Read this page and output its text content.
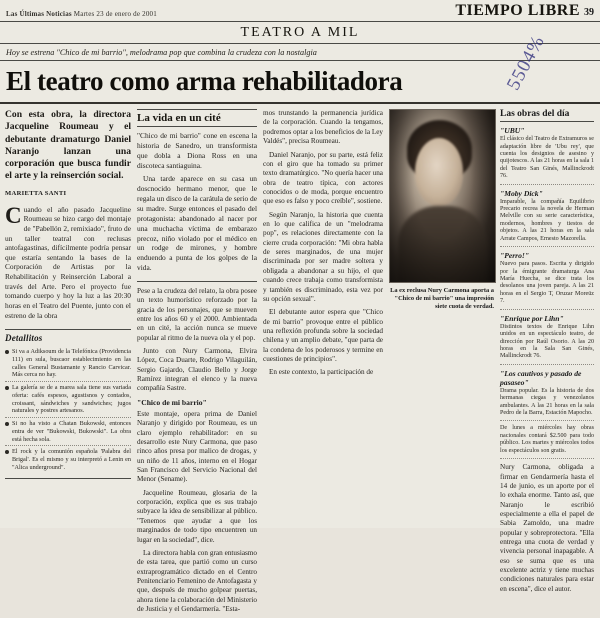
Las Últimas Noticias Martes 23 de enero de 2001	TIEMPO LIBRE 39
TEATRO A MIL
Hoy se estrena "Chico de mi barrio", melodrama pop que combina la crudeza con la nostalgia
El teatro como arma rehabilitadora	5504%
Con esta obra, la directora Jacqueline Roumeau y el debutante dramaturgo Daniel Naranjo lanzan una corporación que busca fundir el arte y la reinserción social.
MARIETTA SANTI
Cuando el año pasado Jacqueline Roumeau se hizo cargo del montaje de "Pabellón 2, remixiado", fruto de un taller teatral con reclusas antofagastinas, difícilmente podría pensar que estaría sentando la bases de la Corporación de Artistas por la Rehabilitación y Reinserción Laboral a través del Arte. Pero el proyecto fue tomando cuerpo y hoy la luz a las 20:30 horas en el Teatro del Puente, junto con el estreno de la obra
Detallitos
Si va a Adiksoum de la Telefónica (Providencia 111) en sula, buscaor establecimiento en las calles General Bustamante y Rancio Carvicar. Más cerca no hay.
La galería se de a marea sala tiene sus variada oferta: cafés espesos, agustisnos y contados, croissant, sándwiches y sandwiches; jugos naturales y postres artesanos.
Si no ha visto a Chatan Bukowski, entonces entra de ver "Bukowski, Bukowski". La obra está hecha sola.
El rock y la comunión española 'Palabra del Brigal'. Es el mismo y su interpretó a Lenin en "Alica underground".
La vida en un cité

"Chico de mi barrio" cone en escena la historia de Sanedro, un transformista que dobla a Diona Ross en una discoteca santiaguina.

Una tarde aparece en su casa un doscnocido hermano menor, que le regala un disco de la carátula de serio de su madre. Surge entonces el pasado del protagonista: abandonado al nacer por una muchacha víctima de embarazo precoz, niño violado por el médico en un rodge de mirones, y hombre enduendo a punta de los golpes de la vida.

Pese a la crudeza del relato, la obra posee un texto humorístico reforzado por la gracia de los personajes, que se mueven entre los años 60 y el 2000. Ambientada en un cité, la acción nunca se mueve popular al ritmo de la nueva ola y el pop.

Junto con Nury Carmona, Elvira López, Coca Duarte, Rodrigo Vilaguilán, Sergio Gajardo, Claudio Bello y Jorge Ramírez integran el elenco y la nueva compañía Sastre.

"Chico de mi barrio"

Este montaje, opera prima de Daniel Naranjo y dirigido por Roumeau, es un claro ejemplo rehabilitador: en su desarrollo este Nury Carmona, que paso rinco años presa por malico de drogas, y un niño de 11 años, interno en el Hogar San Francisco del Servicio Nacional del Menor (Sename).

Jacqueline Roumeau, glosaria de la corporación, explica que es sus trabajo subyace la idea de sensibilizar al público. "Tenemos que ayudar a que los marginados de todo tipo encuentren un lugar en la sociedad", dice.

La directora habla con gran entusiasmo de esta tarea, que partió como un curso extraprogramático dictado en el Centro Penitenciario Femenino de Antofagasta y que, después de mucho golpear puertas, ahora tiene la colaboración del Ministerio de Justicia y el Gendarmería. "Esta-

mos trunstando la permanencia jurídica de la corporación. Cuando la tengamos, podremos optar a los beneficios de la Ley Valdés", precisa Roumeau.

Daniel Naranjo, por su parte, está feliz con el giro que ha tomado su primer texto dramatúrgico. "No quería hacer una obra de teatro típica, con actores conocidos o de moda, porque encuentro que eso es falso y poco creíble", sostiene.

Según Naranjo, la historia que cuenta en lo que califica de un "melodrama pop", es relaciones directamente con la cierre cruda corporación: "Mi obra habla de seres marginados, de una mujer discriminada por ser madre soltera y obligada a abandonar a su hijo, el que cuando crece trabaja como transformista y también es discriminado, esta vez por su opción sexual".

El debutante autor espera que "Chico de mi barrio" provoque entre el público una reflexión profunda sobre la sociedad chilena y un amplio debate, "que parta de la condena de los poderosos y termine en cuestiones de principios".

En este contexto, la participación de

La ex reclusa Nury Carmona aporta a "Chico de mi barrio" una impresión siete cuota de verdad.
Las obras del día
"UBU"
El clásico del Teatro de Extramuros se adaptación libre de 'Ubu rey', que cuenta los designios de asesino y quijotescos. A las 21 horas en la sala 1 del Teatro San Ginés, Mallinckrodt 76.
"Moby Dick"
Imparable, la compañía Equilibrio Precario recrea la novela de Herman Melville con su serie característica, modernos, hombres y tiestos de objetos. A las 21 horas en la sala Arrate Campos, Ernesto Mazorella.
"Perro!"
Nuevo para pasos. Escrita y dirigido por la émigrante dramaturga Ana María Huecha, se dice trata los desolanos una joven pareja. A las 21 horas en el Sergio T, Oruzar Moreüz 7.
"Enrique por Lihn"
Distintos textos de Enrique Lihn unidos en un espectáculo teatro, de dirección por Raúl Osorio. A las 20 horas en la Sala San Ginés, Mallinckrodt 76.
"Los cautivos y pasado de pasaseo"
Drama popular. Es la historia de dos hermanas ciegas y venezolanos ambulantes. A las 21 horas en la sala Pedro de la Barra, Estación Mapocho.
De lunes a miércoles hay obras nacionales contará $2.500 para todo público. Los martes y miércoles todos los espectáculos son gratis.

Nury Carmona, obligada a firmar en Gendarmería hasta el 14 de junio, es un aporte por el lo exhala enorme. Tanto así, que Naranjo le escribió especialmente a ella el papel de Sabia Zamoldo, una madre popular y sobreprotectora. "Ella entrega una cuota de verdad y vivencia personal inapagable. A eso se suma que es una excelente actriz y tiene muchas condiciones naturales para estar en escena", dice el autor.
